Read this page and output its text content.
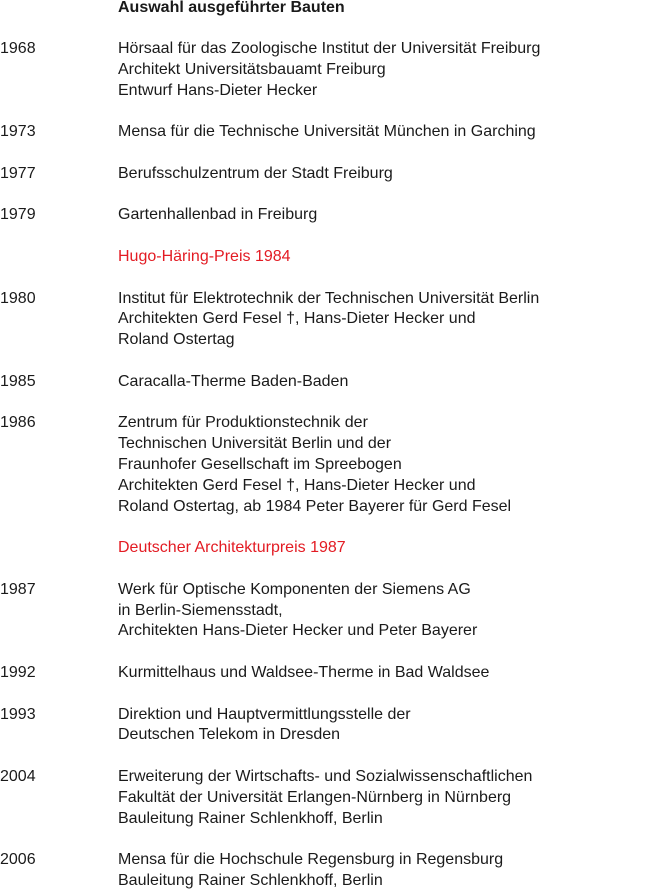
Auswahl ausgeführter Bauten
1968	Hörsaal für das Zoologische Institut der Universität Freiburg
Architekt Universitätsbauamt Freiburg
Entwurf Hans-Dieter Hecker
1973	Mensa für die Technische Universität München in Garching
1977	Berufsschulzentrum der Stadt Freiburg
1979	Gartenhallenbad in Freiburg
Hugo-Häring-Preis 1984
1980	Institut für Elektrotechnik der Technischen Universität Berlin
Architekten Gerd Fesel †, Hans-Dieter Hecker und
Roland Ostertag
1985	Caracalla-Therme Baden-Baden
1986	Zentrum für Produktionstechnik der
Technischen Universität Berlin und der
Fraunhofer Gesellschaft im Spreebogen
Architekten Gerd Fesel †, Hans-Dieter Hecker und
Roland Ostertag, ab 1984 Peter Bayerer für Gerd Fesel
Deutscher Architekturpreis 1987
1987	Werk für Optische Komponenten der Siemens AG
in Berlin-Siemensstadt,
Architekten Hans-Dieter Hecker und Peter Bayerer
1992	Kurmittelhaus und Waldsee-Therme in Bad Waldsee
1993	Direktion und Hauptvermittlungsstelle der
Deutschen Telekom in Dresden
2004	Erweiterung der Wirtschafts- und Sozialwissenschaftlichen
Fakultät der Universität Erlangen-Nürnberg in Nürnberg
Bauleitung Rainer Schlenkhoff, Berlin
2006	Mensa für die Hochschule Regensburg in Regensburg
Bauleitung Rainer Schlenkhoff, Berlin
